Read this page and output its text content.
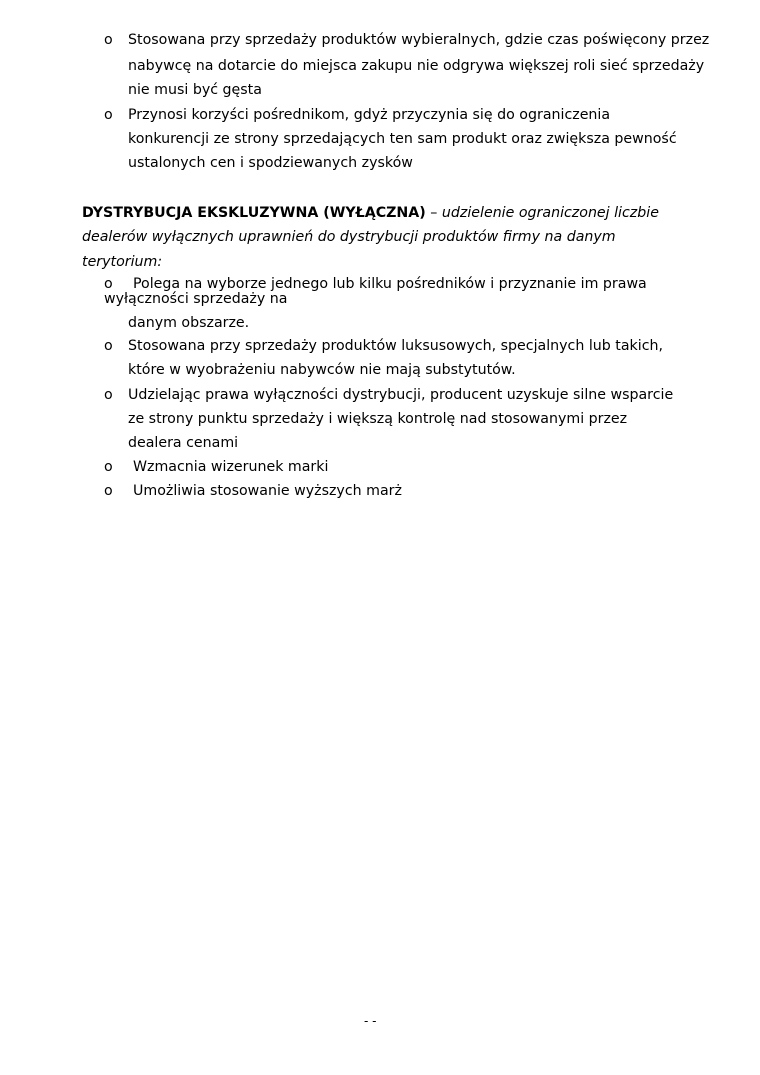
o Stosowana przy sprzedaży produktów wybieralnych, gdzie czas poświęcony przez
nabywcę na dotarcie do miejsca zakupu nie odgrywa większej roli sieć sprzedaży
nie musi być gęsta
o Przynosi korzyści pośrednikom, gdyż przyczynia się do ograniczenia
konkurencji ze strony sprzedających ten sam produkt oraz zwiększa pewność
ustalonych cen i spodziewanych zysków
DYSTRYBUCJA EKSKLUZYWNA (WYŁĄCZNA) – udzielenie ograniczonej liczbie
dealerów wyłącznych uprawnień do dystrybucji produktów firmy na danym
terytorium:
o Polega na wyborze jednego lub kilku pośredników i przyznanie im prawa
wyłączności sprzedaży na
danym obszarze.
o Stosowana przy sprzedaży produktów luksusowych, specjalnych lub takich,
które w wyobrażeniu nabywców nie mają substytutów.
o Udzielając prawa wyłączności dystrybucji, producent uzyskuje silne wsparcie
ze strony punktu sprzedaży i większą kontrolę nad stosowanymi przez
dealera cenami
o Wzmacnia wizerunek marki
o Umożliwia stosowanie wyższych marż
- -
